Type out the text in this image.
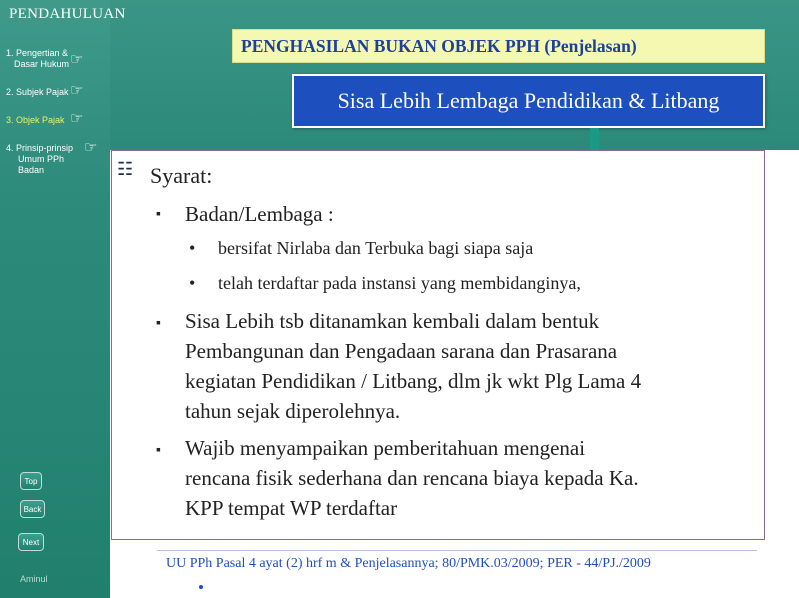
PENDAHULUAN
1. Pengertian &
Dasar Hukum ☞
2. Subjek Pajak ☞
3. Objek Pajak ☞
4. Prinsip-prinsip
Umum PPh
Badan
☞
PENGHASILAN BUKAN OBJEK PPH (Penjelasan)
Sisa Lebih Lembaga Pendidikan & Litbang
☷ Syarat:
▪ Badan/Lembaga :
• bersifat Nirlaba dan Terbuka bagi siapa saja
• telah terdaftar pada instansi yang membidanginya,
▪ Sisa Lebih tsb ditanamkan kembali dalam bentuk
Pembangunan dan Pengadaan sarana dan Prasarana
kegiatan Pendidikan / Litbang, dlm jk wkt Plg Lama 4
tahun sejak diperolehnya.
▪ Wajib menyampaikan pemberitahuan mengenai
rencana fisik sederhana dan rencana biaya kepada Ka.
KPP tempat WP terdaftar
UU PPh Pasal 4 ayat (2) hrf m & Penjelasannya; 80/PMK.03/2009; PER - 44/PJ./2009
Top
Back
Next
Aminul
